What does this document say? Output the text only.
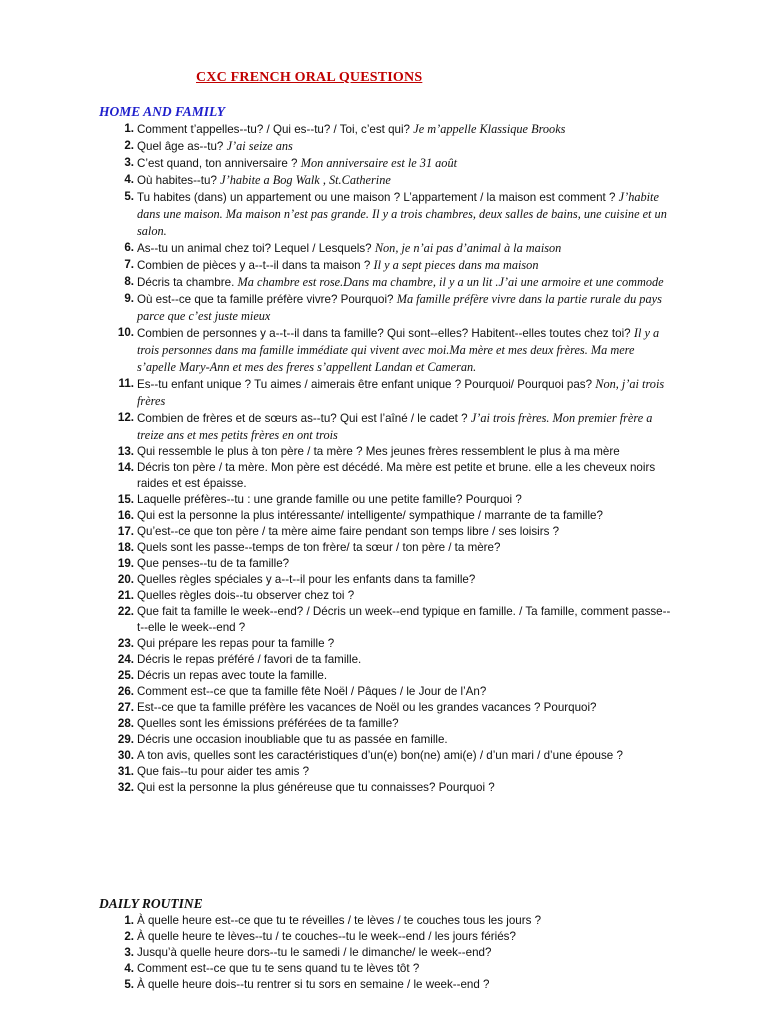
CXC FRENCH ORAL QUESTIONS
HOME AND FAMILY
1. Comment t’appelles--tu? / Qui es--tu? / Toi, c’est qui? Je m’appelle Klassique Brooks
2. Quel âge as--tu? J’ai seize ans
3. C’est quand, ton anniversaire ? Mon anniversaire est le 31 août
4. Où habites--tu? J’habite a Bog Walk , St.Catherine
5. Tu habites (dans) un appartement ou une maison ? L’appartement / la maison est comment ? J’habite dans une maison. Ma maison n’est pas grande. Il y a trois chambres, deux salles de bains, une cuisine et un salon.
6. As--tu un animal chez toi? Lequel / Lesquels? Non, je n’ai pas d’animal à la maison
7. Combien de pièces y a--t--il dans ta maison ? Il y a sept pieces dans ma maison
8. Décris ta chambre. Ma chambre est rose.Dans ma chambre, il y a un lit .J’ai une armoire et une commode
9. Où est--ce que ta famille préfère vivre? Pourquoi? Ma famille préfère vivre dans la partie rurale du pays parce que c’est juste mieux
10. Combien de personnes y a--t--il dans ta famille? Qui sont--elles? Habitent--elles toutes chez toi? Il y a trois personnes dans ma famille immédiate qui vivent avec moi.Ma mère et mes deux frères. Ma mere s’apelle Mary-Ann et mes des freres s’appellent Landan et Cameran.
11. Es--tu enfant unique ? Tu aimes / aimerais être enfant unique ? Pourquoi/ Pourquoi pas? Non, j’ai trois frères
12. Combien de frères et de sœurs as--tu? Qui est l’aîné / le cadet ? J’ai trois frères. Mon premier frère a treize ans et mes petits frères en ont trois
13. Qui ressemble le plus à ton père / ta mère ? Mes jeunes frères ressemblent le plus à ma mère
14. Décris ton père / ta mère. Mon père est décédé. Ma mère est petite et brune. elle a les cheveux noirs raides et est épaisse.
15. Laquelle préfères--tu : une grande famille ou une petite famille? Pourquoi ?
16. Qui est la personne la plus intéressante/ intelligente/ sympathique / marrante de ta famille?
17. Qu’est--ce que ton père / ta mère aime faire pendant son temps libre / ses loisirs ?
18. Quels sont les passe--temps de ton frère/ ta sœur / ton père / ta mère?
19. Que penses--tu de ta famille?
20. Quelles règles spéciales y a--t--il pour les enfants dans ta famille?
21. Quelles règles dois--tu observer chez toi ?
22. Que fait ta famille le week--end? / Décris un week--end typique en famille. / Ta famille, comment passe--t--elle le week--end ?
23. Qui prépare les repas pour ta famille ?
24. Décris le repas préféré / favori de ta famille.
25. Décris un repas avec toute la famille.
26. Comment est--ce que ta famille fête Noël / Pâques / le Jour de l’An?
27. Est--ce que ta famille préfère les vacances de Noël ou les grandes vacances ? Pourquoi?
28. Quelles sont les émissions préférées de ta famille?
29. Décris une occasion inoubliable que tu as passée en famille.
30. A ton avis, quelles sont les caractéristiques d’un(e) bon(ne) ami(e) / d’un mari / d’une épouse ?
31. Que fais--tu pour aider tes amis ?
32. Qui est la personne la plus généreuse que tu connaisses? Pourquoi ?
DAILY ROUTINE
1. À quelle heure est--ce que tu te réveilles / te lèves / te couches tous les jours ?
2. À quelle heure te lèves--tu / te couches--tu le week--end / les jours fériés?
3. Jusqu’à quelle heure dors--tu le samedi / le dimanche/ le week--end?
4. Comment est--ce que tu te sens quand tu te lèves tôt ?
5. À quelle heure dois--tu rentrer si tu sors en semaine / le week--end ?
